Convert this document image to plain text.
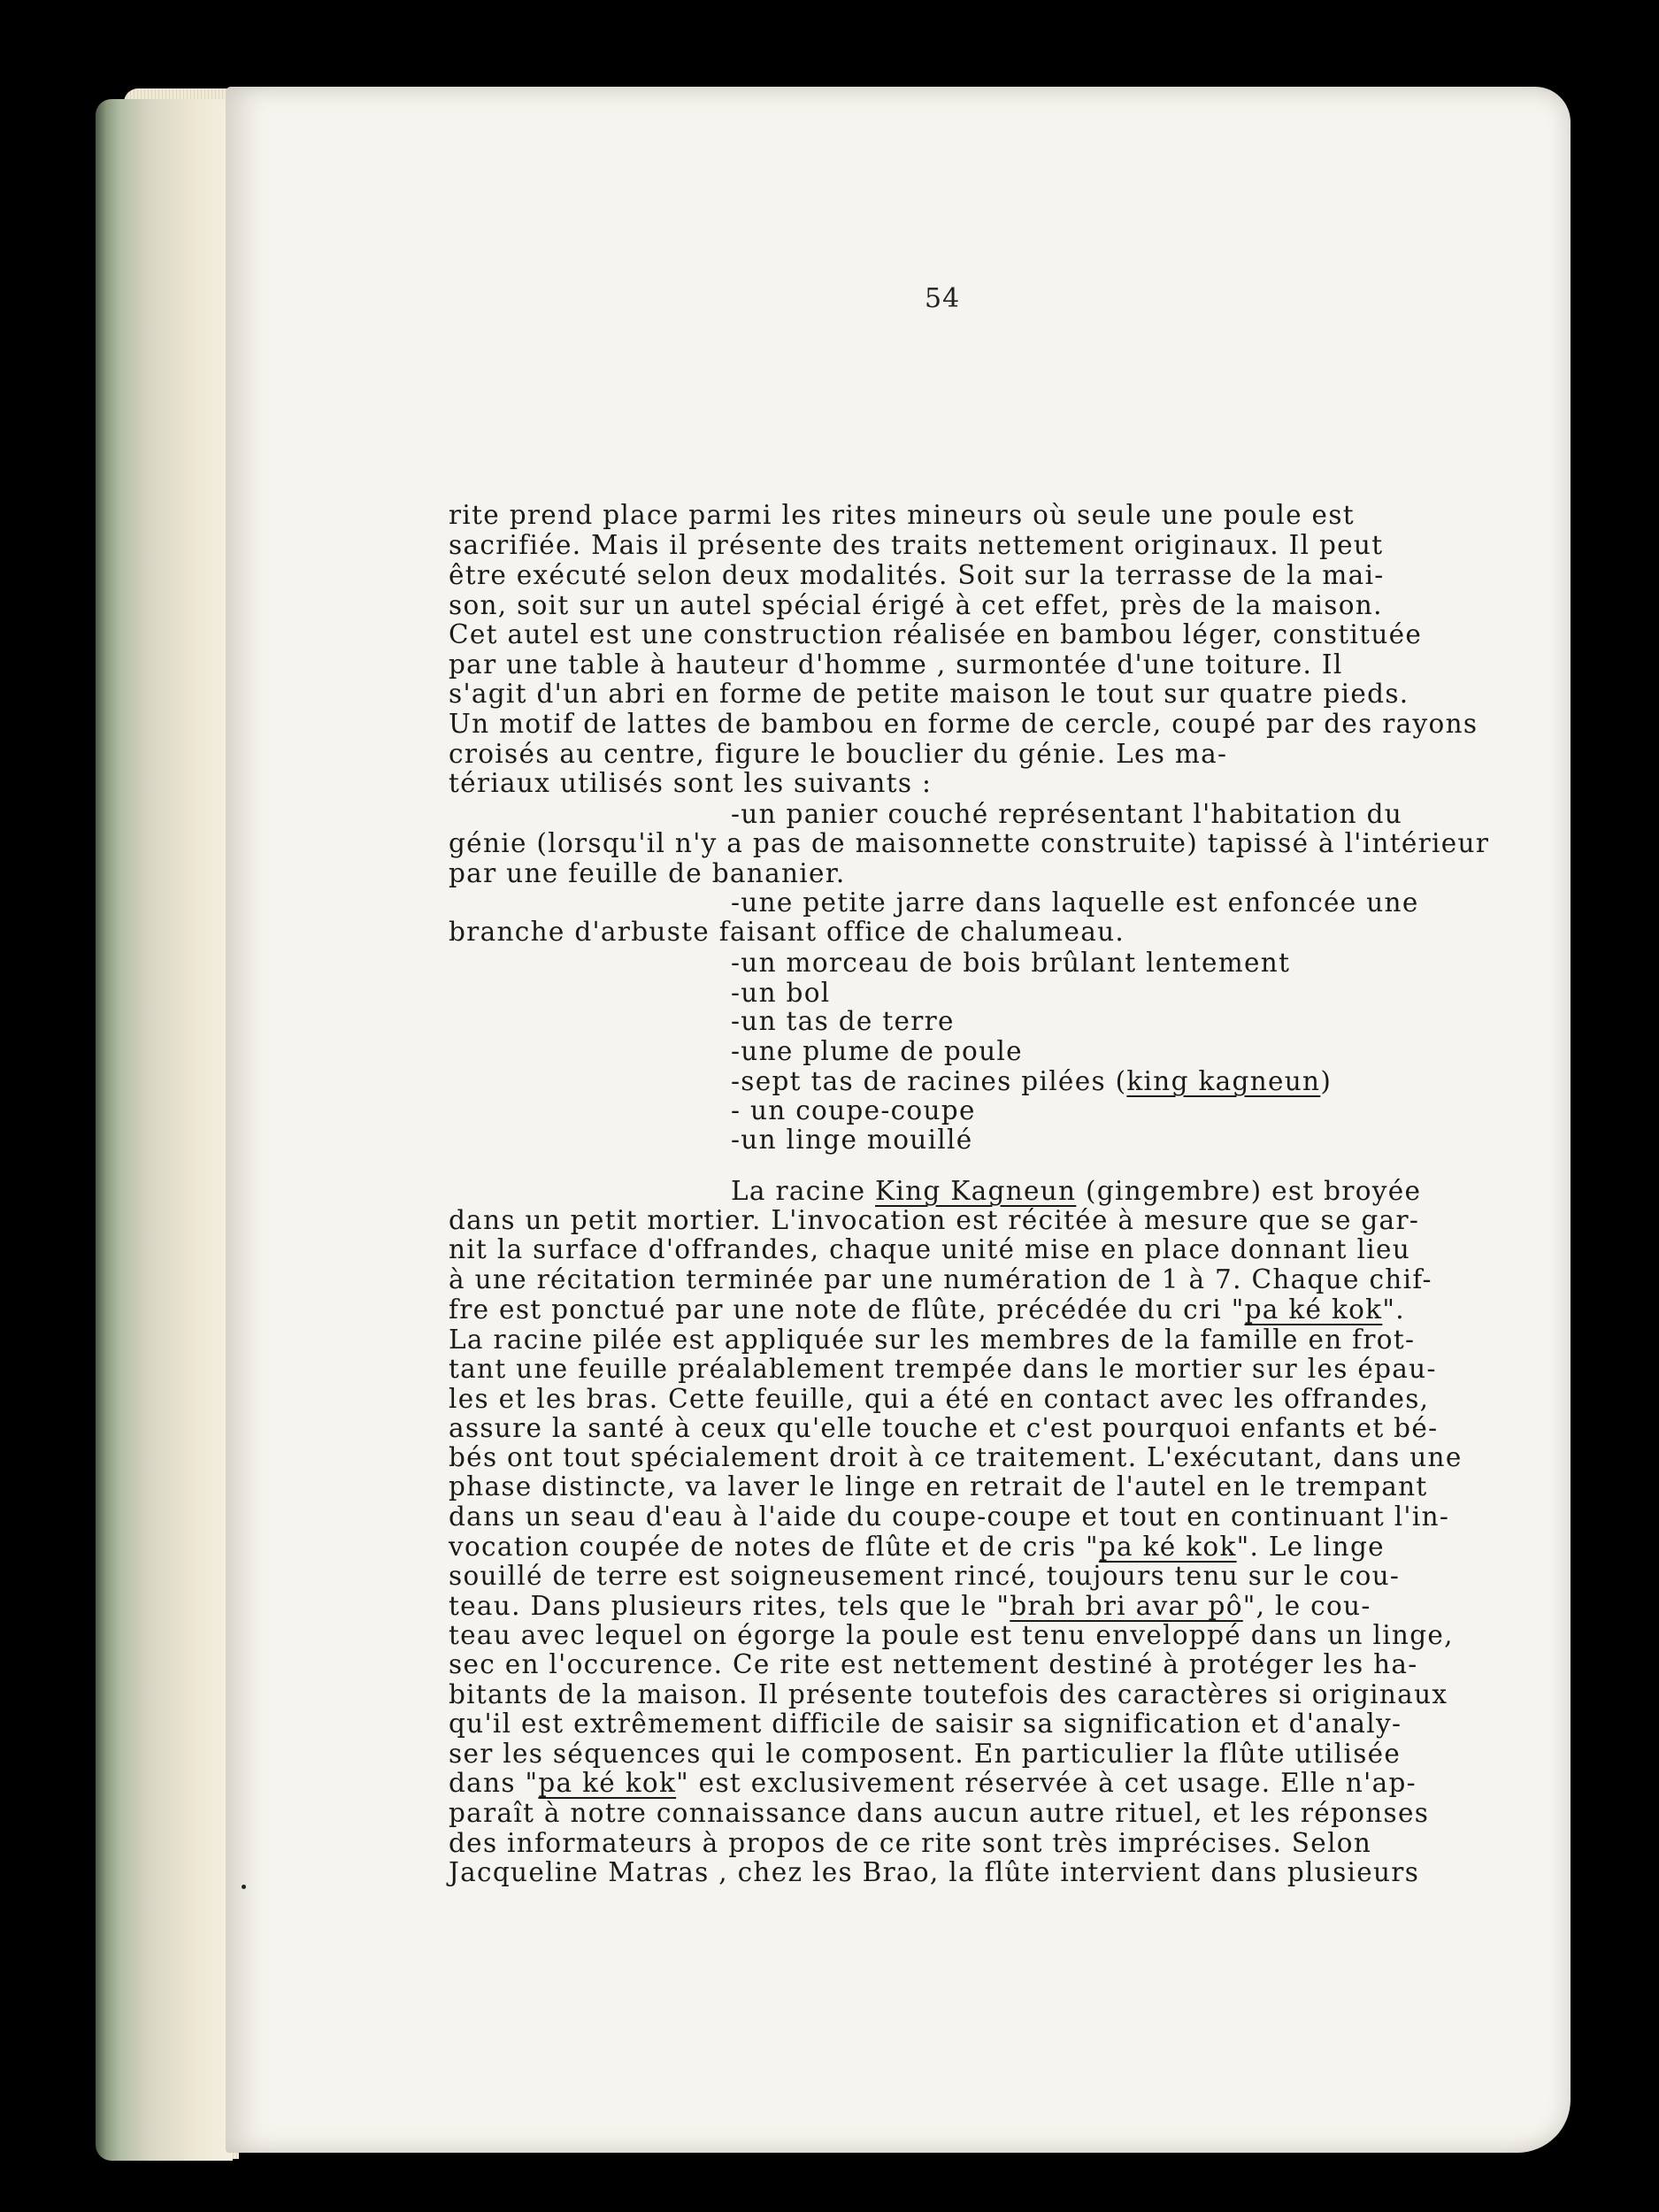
54
rite prend place parmi les rites mineurs où seule une poule est
sacrifiée. Mais il présente des traits nettement originaux. Il peut
être exécuté selon deux modalités. Soit sur la terrasse de la mai-
son, soit sur un autel spécial érigé à cet effet, près de la maison.
Cet autel est une construction réalisée en bambou léger, constituée
par une table à hauteur d'homme , surmontée d'une toiture. Il
s'agit d'un abri en forme de petite maison le tout sur quatre pieds.
Un motif de lattes de bambou en forme de cercle, coupé par des rayons
croisés au centre, figure le bouclier du génie. Les ma-
tériaux utilisés sont les suivants :
-un panier couché représentant l'habitation du
génie (lorsqu'il n'y a pas de maisonnette construite) tapissé à l'intérieur
par une feuille de bananier.
-une petite jarre dans laquelle est enfoncée une
branche d'arbuste faisant office de chalumeau.
-un morceau de bois brûlant lentement
-un bol
-un tas de terre
-une plume de poule
-sept tas de racines pilées (king kagneun)
- un coupe-coupe
-un linge mouillé
La racine King Kagneun (gingembre) est broyée
dans un petit mortier. L'invocation est récitée à mesure que se gar-
nit la surface d'offrandes, chaque unité mise en place donnant lieu
à une récitation terminée par une numération de 1 à 7. Chaque chif-
fre est ponctué par une note de flûte, précédée du cri "pa ké kok".
La racine pilée est appliquée sur les membres de la famille en frot-
tant une feuille préalablement trempée dans le mortier sur les épau-
les et les bras. Cette feuille, qui a été en contact avec les offrandes,
assure la santé à ceux qu'elle touche et c'est pourquoi enfants et bé-
bés ont tout spécialement droit à ce traitement. L'exécutant, dans une
phase distincte, va laver le linge en retrait de l'autel en le trempant
dans un seau d'eau à l'aide du coupe-coupe et tout en continuant l'in-
vocation coupée de notes de flûte et de cris "pa ké kok". Le linge
souillé de terre est soigneusement rincé, toujours tenu sur le cou-
teau. Dans plusieurs rites, tels que le "brah bri avar pô", le cou-
teau avec lequel on égorge la poule est tenu enveloppé dans un linge,
sec en l'occurence. Ce rite est nettement destiné à protéger les ha-
bitants de la maison. Il présente toutefois des caractères si originaux
qu'il est extrêmement difficile de saisir sa signification et d'analy-
ser les séquences qui le composent. En particulier la flûte utilisée
dans "pa ké kok" est exclusivement réservée à cet usage. Elle n'ap-
paraît à notre connaissance dans aucun autre rituel, et les réponses
des informateurs à propos de ce rite sont très imprécises. Selon
Jacqueline Matras , chez les Brao, la flûte intervient dans plusieurs
